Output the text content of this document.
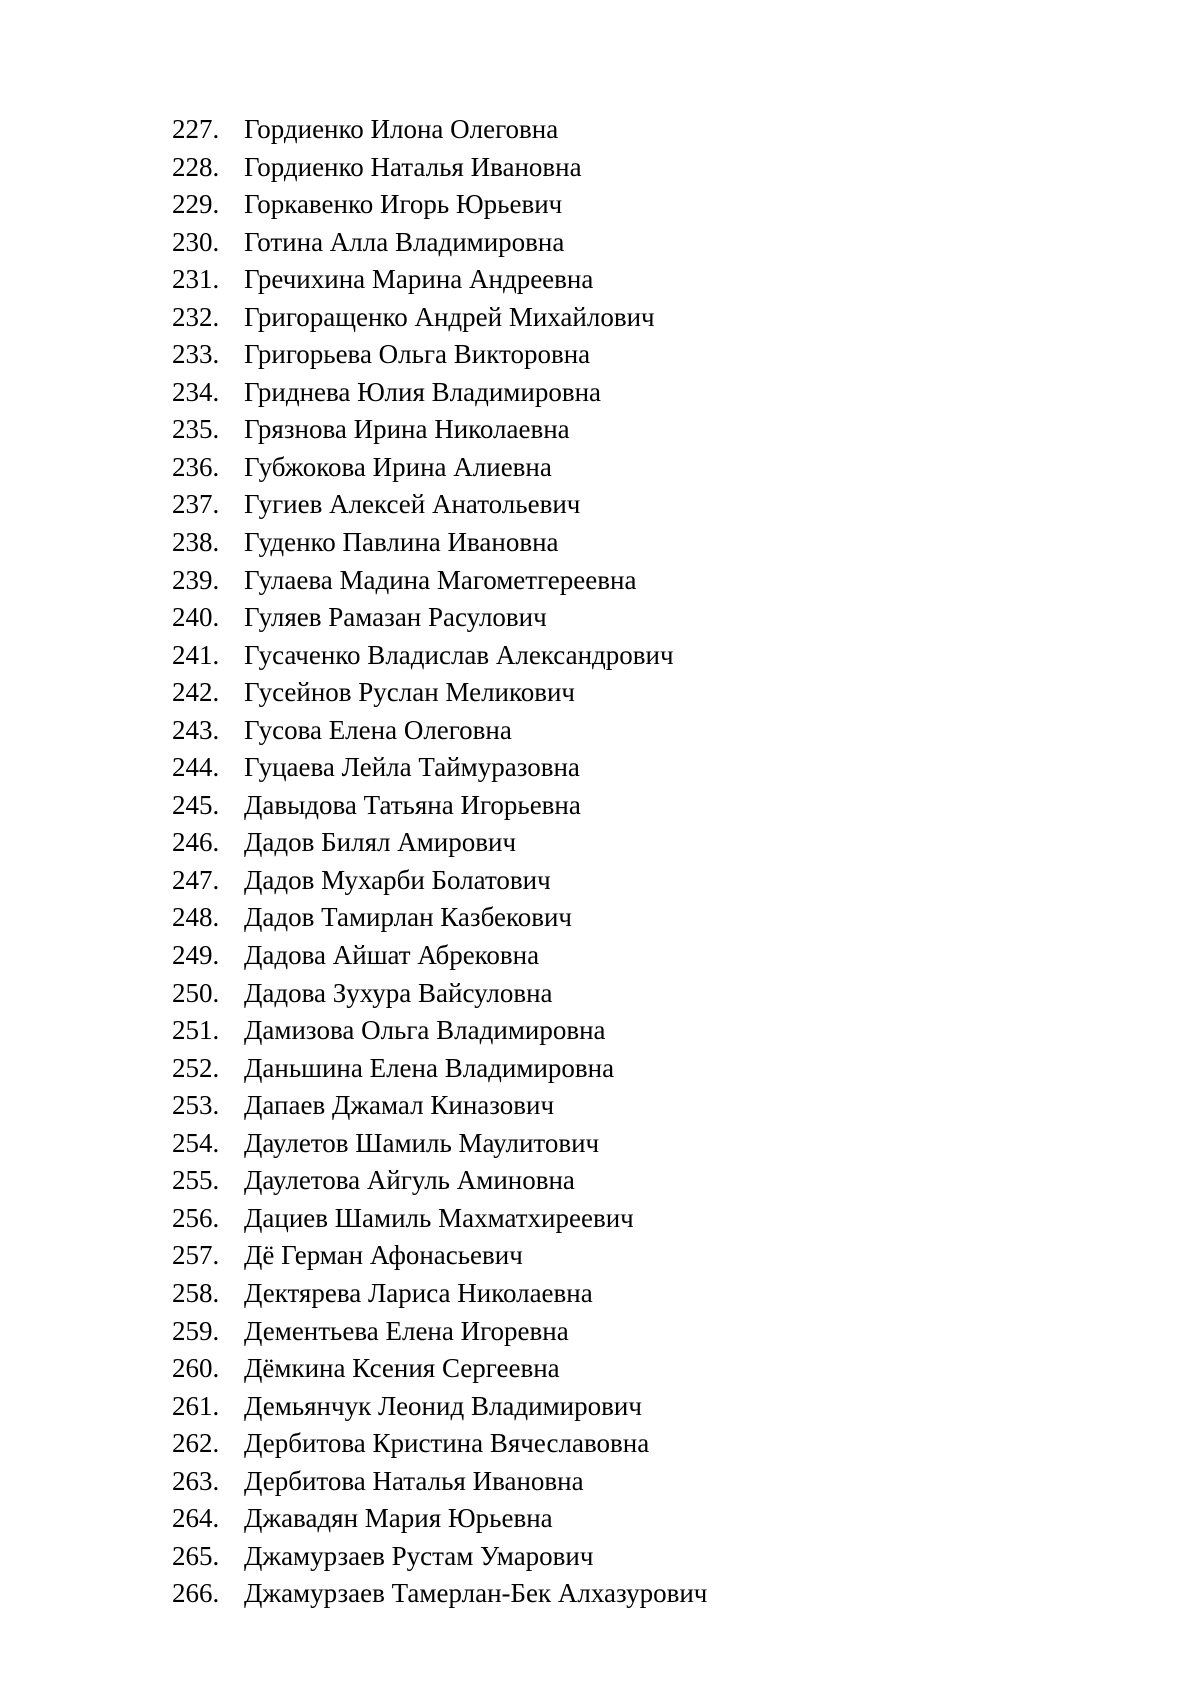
227. Гордиенко Илона Олеговна
228. Гордиенко Наталья Ивановна
229. Горкавенко Игорь Юрьевич
230. Готина Алла Владимировна
231. Гречихина Марина Андреевна
232. Григоращенко Андрей Михайлович
233. Григорьева Ольга Викторовна
234. Гриднева Юлия Владимировна
235. Грязнова Ирина Николаевна
236. Губжокова Ирина Алиевна
237. Гугиев Алексей Анатольевич
238. Гуденко Павлина Ивановна
239. Гулаева Мадина Магометгереевна
240. Гуляев Рамазан Расулович
241. Гусаченко Владислав Александрович
242. Гусейнов Руслан Меликович
243. Гусова Елена Олеговна
244. Гуцаева Лейла Таймуразовна
245. Давыдова Татьяна Игорьевна
246. Дадов Билял Амирович
247. Дадов Мухарби Болатович
248. Дадов Тамирлан Казбекович
249. Дадова Айшат Абрековна
250. Дадова Зухура Вайсуловна
251. Дамизова Ольга Владимировна
252. Даньшина Елена Владимировна
253. Дапаев Джамал Киназович
254. Даулетов Шамиль Маулитович
255. Даулетова Айгуль Аминовна
256. Дациев Шамиль Махматхиреевич
257. Дё Герман Афонасьевич
258. Дектярева Лариса Николаевна
259. Дементьева Елена Игоревна
260. Дёмкина Ксения Сергеевна
261. Демьянчук Леонид Владимирович
262. Дербитова Кристина Вячеславовна
263. Дербитова Наталья Ивановна
264. Джавадян Мария Юрьевна
265. Джамурзаев Рустам Умарович
266. Джамурзаев Тамерлан-Бек Алхазурович
